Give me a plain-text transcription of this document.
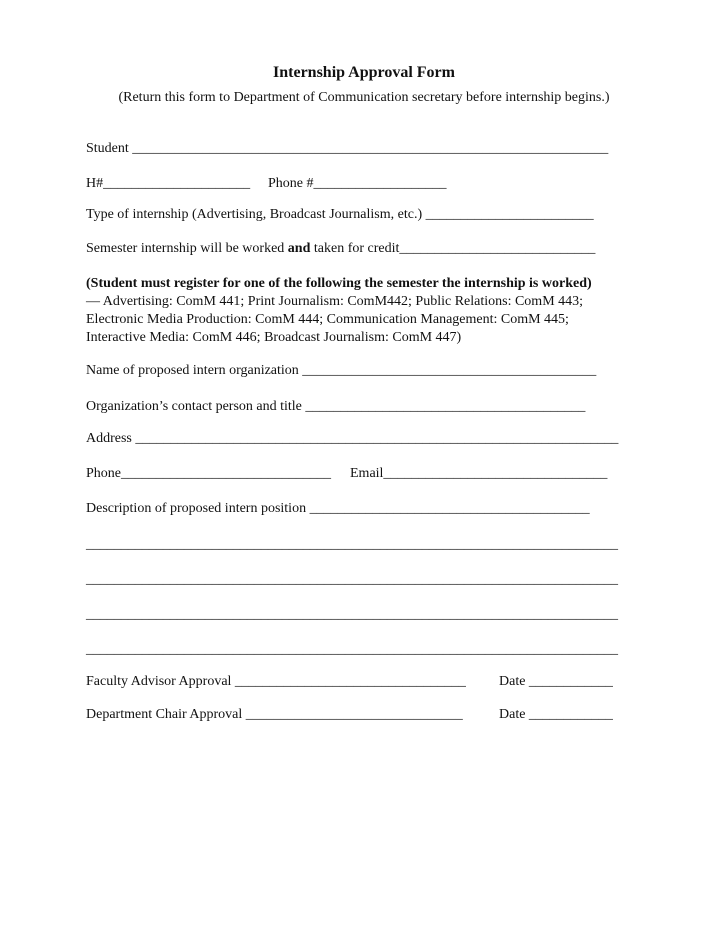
Internship Approval Form
(Return this form to Department of Communication secretary before internship begins.)
Student ____________________________________________________________________
H#_____________________ Phone #___________________
Type of internship (Advertising, Broadcast Journalism, etc.) ________________________
Semester internship will be worked and taken for credit____________________________
(Student must register for one of the following the semester the internship is worked)
— Advertising: ComM 441; Print Journalism: ComM442; Public Relations: ComM 443;
Electronic Media Production: ComM 444; Communication Management: ComM 445;
Interactive Media: ComM 446; Broadcast Journalism: ComM 447)
Name of proposed intern organization __________________________________________
Organization’s contact person and title ________________________________________
Address _____________________________________________________________________
Phone______________________________ Email________________________________
Description of proposed intern position ________________________________________
____________________________________________________________________________
____________________________________________________________________________
____________________________________________________________________________
____________________________________________________________________________
Faculty Advisor Approval _________________________________ Date ____________
Department Chair Approval _______________________________	Date ____________
